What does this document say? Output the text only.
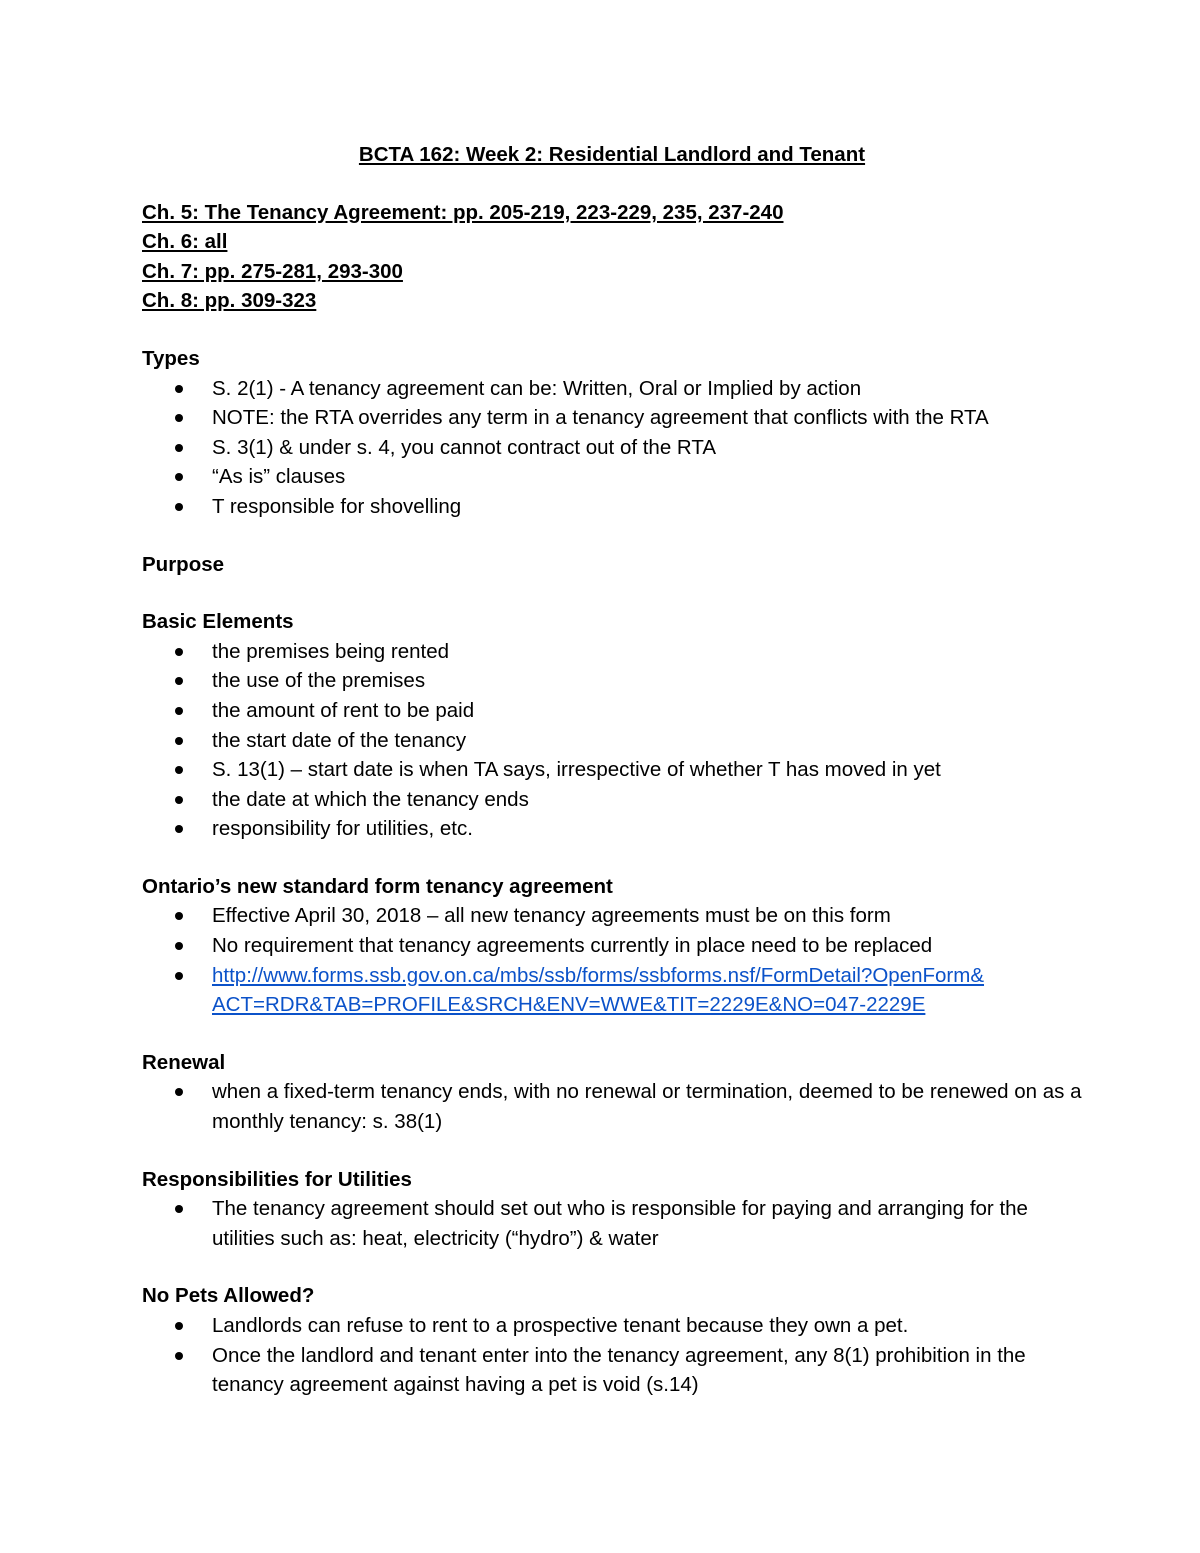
BCTA 162: Week 2: Residential Landlord and Tenant

Ch. 5: The Tenancy Agreement: pp. 205-219, 223-229, 235, 237-240

Ch. 6: all

Ch. 7: pp. 275-281, 293-300

Ch. 8: pp. 309-323

Types

S. 2(1) - A tenancy agreement can be: Written, Oral or Implied by action
NOTE: the RTA overrides any term in a tenancy agreement that conflicts with the RTA
S. 3(1) & under s. 4, you cannot contract out of the RTA
“As is” clauses
T responsible for shovelling

Purpose

Basic Elements

the premises being rented
the use of the premises
the amount of rent to be paid
the start date of the tenancy
S. 13(1) – start date is when TA says, irrespective of whether T has moved in yet
the date at which the tenancy ends
responsibility for utilities, etc.

Ontario’s new standard form tenancy agreement

Effective April 30, 2018 – all new tenancy agreements must be on this form
No requirement that tenancy agreements currently in place need to be replaced
http://www.forms.ssb.gov.on.ca/mbs/ssb/forms/ssbforms.nsf/FormDetail?OpenForm&
ACT=RDR&TAB=PROFILE&SRCH&ENV=WWE&TIT=2229E&NO=047-2229E

Renewal

when a fixed-term tenancy ends, with no renewal or termination, deemed to be renewed on as a monthly tenancy: s. 38(1)

Responsibilities for Utilities

The tenancy agreement should set out who is responsible for paying and arranging for the utilities such as: heat, electricity (“hydro”) & water

No Pets Allowed?

Landlords can refuse to rent to a prospective tenant because they own a pet.
Once the landlord and tenant enter into the tenancy agreement, any 8(1) prohibition in the tenancy agreement against having a pet is void (s.14)
